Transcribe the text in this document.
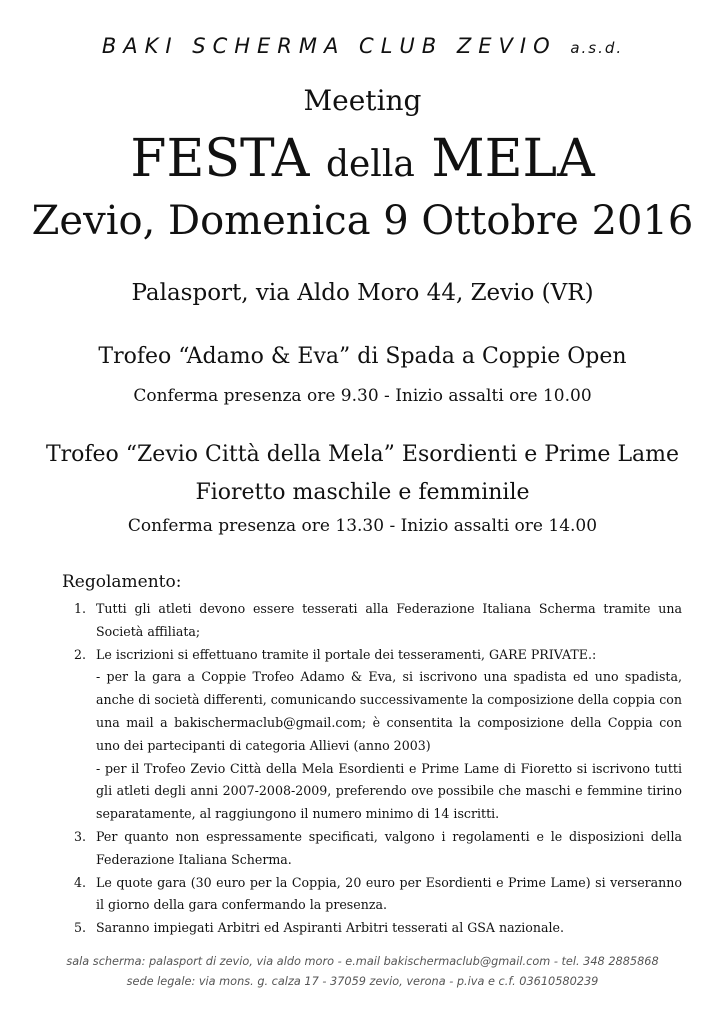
BAKI SCHERMA CLUB ZEVIO a.s.d.
Meeting
FESTA della MELA
Zevio, Domenica 9 Ottobre 2016
Palasport, via Aldo Moro 44, Zevio (VR)
Trofeo “Adamo & Eva” di Spada a Coppie Open
Conferma presenza ore 9.30 - Inizio assalti ore 10.00
Trofeo “Zevio Città della Mela” Esordienti e Prime Lame
Fioretto maschile e femminile
Conferma presenza ore 13.30 - Inizio assalti ore 14.00
Regolamento:
1. Tutti gli atleti devono essere tesserati alla Federazione Italiana Scherma tramite una Società affiliata;
2. Le iscrizioni si effettuano tramite il portale dei tesseramenti, GARE PRIVATE.:
- per la gara a Coppie Trofeo Adamo & Eva, si iscrivono una spadista ed uno spadista, anche di società differenti, comunicando successivamente la composizione della coppia con una mail a bakischermaclub@gmail.com; è consentita la composizione della Coppia con uno dei partecipanti di categoria Allievi (anno 2003)
- per il Trofeo Zevio Città della Mela Esordienti e Prime Lame di Fioretto si iscrivono tutti gli atleti degli anni 2007-2008-2009, preferendo ove possibile che maschi e femmine tirino separatamente, al raggiungono il numero minimo di 14 iscritti.
3. Per quanto non espressamente specificati, valgono i regolamenti e le disposizioni della Federazione Italiana Scherma.
4. Le quote gara (30 euro per la Coppia, 20 euro per Esordienti e Prime Lame) si verseranno il giorno della gara confermando la presenza.
5. Saranno impiegati Arbitri ed Aspiranti Arbitri tesserati al GSA nazionale.
sala scherma: palasport di zevio, via aldo moro - e.mail bakischermaclub@gmail.com - tel. 348 2885868
sede legale: via mons. g. calza 17 - 37059 zevio, verona - p.iva e c.f. 03610580239
